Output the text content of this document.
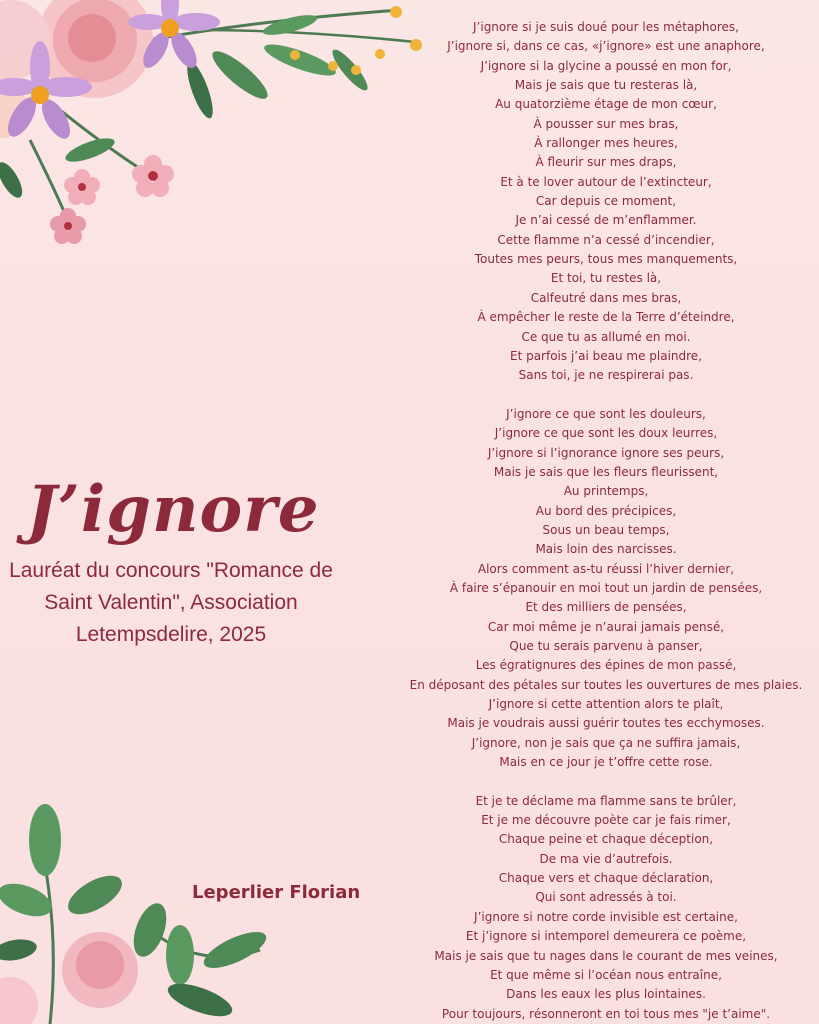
J’ignore
Lauréat du concours "Romance de Saint Valentin", Association Letempsdelire, 2025
Leperlier Florian

J’ignore si je suis doué pour les métaphores,
J’ignore si, dans ce cas, «j’ignore» est une anaphore,
J’ignore si la glycine a poussé en mon for,
Mais je sais que tu resteras là,
Au quatorzième étage de mon cœur,
À pousser sur mes bras,
À rallonger mes heures,
À fleurir sur mes draps,
Et à te lover autour de l’extincteur,
Car depuis ce moment,
Je n’ai cessé de m’enflammer.
Cette flamme n’a cessé d’incendier,
Toutes mes peurs, tous mes manquements,
Et toi, tu restes là,
Calfeutré dans mes bras,
À empêcher le reste de la Terre d’éteindre,
Ce que tu as allumé en moi.
Et parfois j’ai beau me plaindre,
Sans toi, je ne respirerai pas.

J’ignore ce que sont les douleurs,
J’ignore ce que sont les doux leurres,
J’ignore si l’ignorance ignore ses peurs,
Mais je sais que les fleurs fleurissent,
Au printemps,
Au bord des précipices,
Sous un beau temps,
Mais loin des narcisses.
Alors comment as-tu réussi l’hiver dernier,
À faire s’épanouir en moi tout un jardin de pensées,
Et des milliers de pensées,
Car moi même je n’aurai jamais pensé,
Que tu serais parvenu à panser,
Les égratignures des épines de mon passé,
En déposant des pétales sur toutes les ouvertures de mes plaies.
J’ignore si cette attention alors te plaît,
Mais je voudrais aussi guérir toutes tes ecchymoses.
J’ignore, non je sais que ça ne suffira jamais,
Mais en ce jour je t’offre cette rose.

Et je te déclame ma flamme sans te brûler,
Et je me découvre poète car je fais rimer,
Chaque peine et chaque déception,
De ma vie d’autrefois.
Chaque vers et chaque déclaration,
Qui sont adressés à toi.
J’ignore si notre corde invisible est certaine,
Et j’ignore si intemporel demeurera ce poème,
Mais je sais que tu nages dans le courant de mes veines,
Et que même si l’océan nous entraîne,
Dans les eaux les plus lointaines.
Pour toujours, résonneront en toi tous mes "je t’aime".
